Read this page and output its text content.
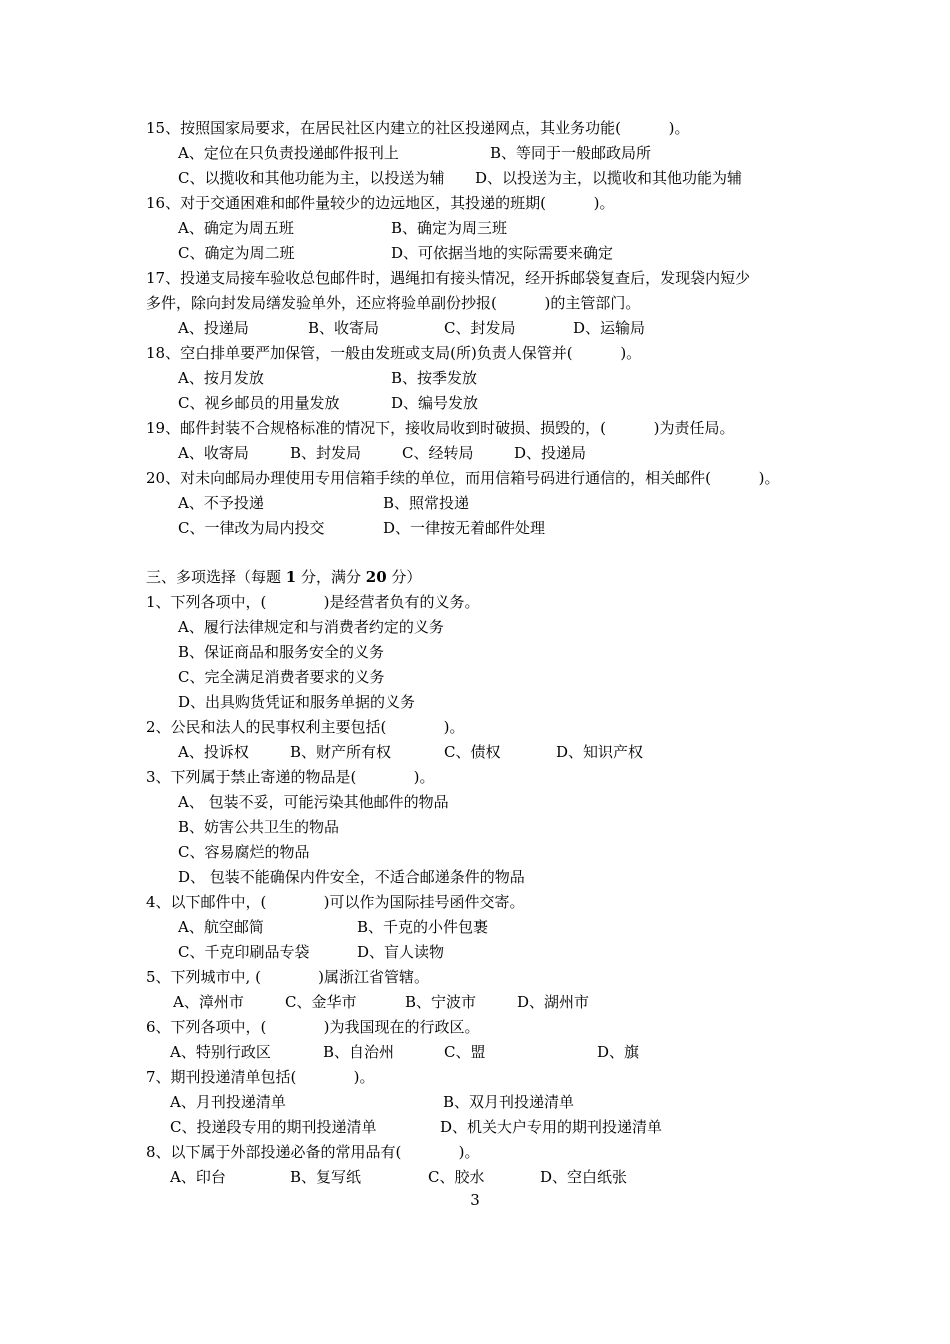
15、按照国家局要求，在居民社区内建立的社区投递网点，其业务功能(          )。
A、定位在只负责投递邮件报刊上	B、等同于一般邮政局所
C、以揽收和其他功能为主，以投送为辅 D、以投送为主，以揽收和其他功能为辅
16、对于交通困难和邮件量较少的边远地区，其投递的班期(          )。
A、确定为周五班	B、确定为周三班
C、确定为周二班	D、可依据当地的实际需要来确定
17、投递支局接车验收总包邮件时，遇绳扣有接头情况，经开拆邮袋复查后，发现袋内短少
多件，除向封发局缮发验单外，还应将验单副份抄报(          )的主管部门。
A、投递局	B、收寄局	C、封发局	D、运输局
18、空白排单要严加保管，一般由发班或支局(所)负责人保管并(          )。
A、按月发放	B、按季发放
C、视乡邮员的用量发放	D、编号发放
19、邮件封装不合规格标准的情况下，接收局收到时破损、损毁的，(          )为责任局。
A、收寄局	B、封发局	C、经转局	D、投递局
20、对未向邮局办理使用专用信箱手续的单位，而用信箱号码进行通信的，相关邮件(          )。
A、不予投递	B、照常投递
C、一律改为局内投交	D、一律按无着邮件处理
三、多项选择（每题 1 分，满分 20 分）
1、下列各项中，(            )是经营者负有的义务。
A、履行法律规定和与消费者约定的义务
B、保证商品和服务安全的义务
C、完全满足消费者要求的义务
D、出具购货凭证和服务单据的义务
2、公民和法人的民事权利主要包括(            )。
A、投诉权	B、财产所有权	C、债权	D、知识产权
3、下列属于禁止寄递的物品是(            )。
A、 包装不妥，可能污染其他邮件的物品
B、妨害公共卫生的物品
C、容易腐烂的物品
D、 包装不能确保内件安全，不适合邮递条件的物品
4、以下邮件中，(            )可以作为国际挂号函件交寄。
A、航空邮简	B、千克的小件包裹
C、千克印刷品专袋	D、盲人读物
5、下列城市中, (            )属浙江省管辖。
A、漳州市	C、金华市	B、宁波市	D、湖州市
6、下列各项中，(            )为我国现在的行政区。
A、特别行政区	B、自治州	C、盟	D、旗
7、期刊投递清单包括(            )。
A、月刊投递清单	B、双月刊投递清单
C、投递段专用的期刊投递清单	D、机关大户专用的期刊投递清单
8、以下属于外部投递必备的常用品有(            )。
A、印台	B、复写纸	C、胶水	D、空白纸张
3
